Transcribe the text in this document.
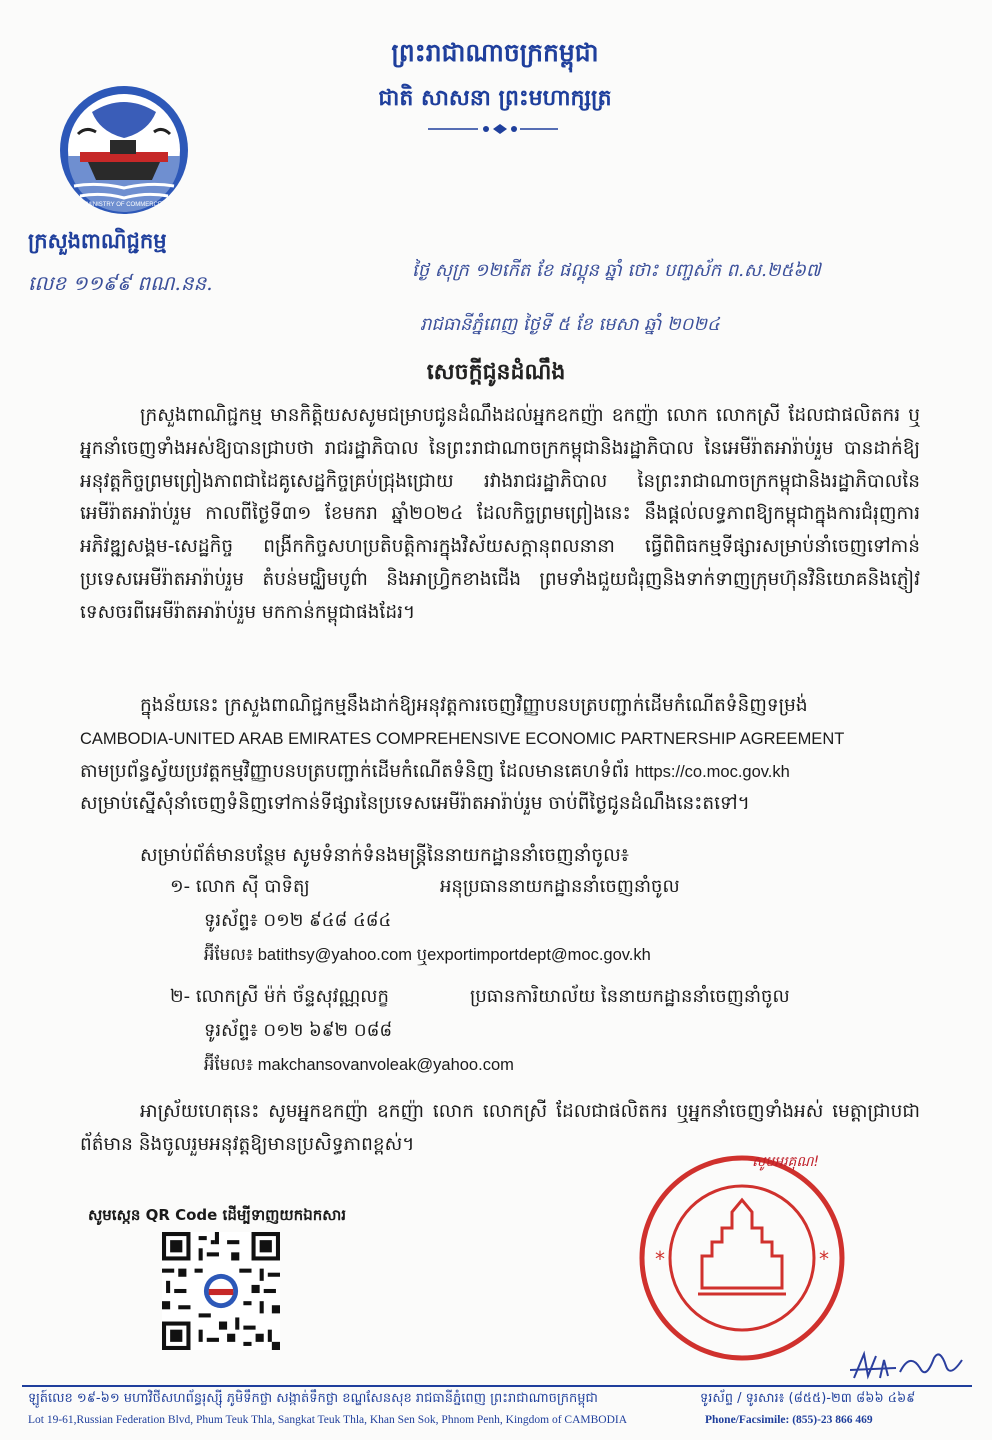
ព្រះរាជាណាចក្រកម្ពុជា
ជាតិ សាសនា ព្រះមហាក្សត្រ
MINISTRY OF COMMERCE
ក្រសួងពាណិជ្ជកម្ម
លេខ ១១៩៩ ពណ.នន.
ថ្ងៃ សុក្រ ១២កើត ខែ ផល្គុន ឆ្នាំ ថោះ បញ្ចស័ក ព.ស.២៥៦៧
រាជធានីភ្នំពេញ ថ្ងៃទី ៥ ខែ មេសា ឆ្នាំ ២០២៤
សេចក្តីជូនដំណឹង
ក្រសួងពាណិជ្ជកម្ម មានកិត្តិយសសូមជម្រាបជូនដំណឹងដល់អ្នកឧកញ៉ា ឧកញ៉ា លោក លោកស្រី ដែលជាផលិតករ ឬអ្នកនាំចេញទាំងអស់ឱ្យបានជ្រាបថា រាជរដ្ឋាភិបាល នៃព្រះរាជាណាចក្រកម្ពុជានិងរដ្ឋាភិបាល នៃអេមីរ៉ាតអារ៉ាប់រួម បានដាក់ឱ្យអនុវត្តកិច្ចព្រមព្រៀងភាពជាដៃគូសេដ្ឋកិច្ចគ្រប់ជ្រុងជ្រោយ រវាងរាជរដ្ឋាភិបាល នៃព្រះរាជាណាចក្រកម្ពុជានិងរដ្ឋាភិបាលនៃអេមីរ៉ាតអារ៉ាប់រួម កាលពីថ្ងៃទី៣១ ខែមករា ឆ្នាំ២០២៤ ដែលកិច្ចព្រមព្រៀងនេះ នឹងផ្តល់លទ្ធភាពឱ្យកម្ពុជាក្នុងការជំរុញការអភិវឌ្ឍសង្គម-សេដ្ឋកិច្ច ពង្រីកកិច្ចសហប្រតិបត្តិការក្នុងវិស័យសក្តានុពលនានា ធ្វើពិពិធកម្មទីផ្សារសម្រាប់នាំចេញទៅកាន់ប្រទេសអេមីរ៉ាតអារ៉ាប់រួម តំបន់មជ្ឈិមបូព៌ា និងអាហ្វ្រិកខាងជើង ព្រមទាំងជួយជំរុញនិងទាក់ទាញក្រុមហ៊ុនវិនិយោគនិងភ្ញៀវទេសចរពីអេមីរ៉ាតអារ៉ាប់រួម មកកាន់កម្ពុជាផងដែរ។
ក្នុងន័យនេះ ក្រសួងពាណិជ្ជកម្មនឹងដាក់ឱ្យអនុវត្តការចេញវិញ្ញាបនបត្របញ្ជាក់ដើមកំណើតទំនិញទម្រង់
CAMBODIA-UNITED ARAB EMIRATES COMPREHENSIVE ECONOMIC PARTNERSHIP AGREEMENT
តាមប្រព័ន្ធស្វ័យប្រវត្តកម្មវិញ្ញាបនបត្របញ្ជាក់ដើមកំណើតទំនិញ ដែលមានគេហទំព័រ https://co.moc.gov.kh
សម្រាប់ស្នើសុំនាំចេញទំនិញទៅកាន់ទីផ្សារនៃប្រទេសអេមីរ៉ាតអារ៉ាប់រួម ចាប់ពីថ្ងៃជូនដំណឹងនេះតទៅ។
សម្រាប់ព័ត៌មានបន្ថែម សូមទំនាក់ទំនងមន្ត្រីនៃនាយកដ្ឋាននាំចេញនាំចូល៖
១- លោក ស៊ី បាទិត្យ	អនុប្រធាននាយកដ្ឋាននាំចេញនាំចូល
ទូរស័ព្ទ៖ ០១២ ៩៤៨ ៤៨៤
អ៊ីមែល៖ batithsy@yahoo.com ឬexportimportdept@moc.gov.kh
២- លោកស្រី ម៉ក់ ច័ន្ទសុវណ្ណលក្ខ	ប្រធានការិយាល័យ នៃនាយកដ្ឋាននាំចេញនាំចូល
ទូរស័ព្ទ៖ ០១២ ៦៩២ ០៨៨
អ៊ីមែល៖ makchansovanvoleak@yahoo.com
អាស្រ័យហេតុនេះ សូមអ្នកឧកញ៉ា ឧកញ៉ា លោក លោកស្រី ដែលជាផលិតករ ឬអ្នកនាំចេញទាំងអស់ មេត្តាជ្រាបជាព័ត៌មាន និងចូលរួមអនុវត្តឱ្យមានប្រសិទ្ធភាពខ្ពស់។
សូមស្កេន QR Code ដើម្បីទាញយកឯកសារ
*	*
សូមអរគុណ!
ឡូត៍លេខ ១៩-៦១ មហាវិថីសហព័ន្ធរុស្ស៊ី ភូមិទឹកថ្លា សង្កាត់ទឹកថ្លា ខណ្ឌសែនសុខ រាជធានីភ្នំពេញ ព្រះរាជាណាចក្រកម្ពុជា	ទូរស័ព្ទ / ទូរសារ៖ (៨៥៥)-២៣ ៨៦៦ ៤៦៩
Lot 19-61,Russian Federation Blvd, Phum Teuk Thla, Sangkat Teuk Thla, Khan Sen Sok, Phnom Penh, Kingdom of CAMBODIA	Phone/Facsimile: (855)-23 866 469
